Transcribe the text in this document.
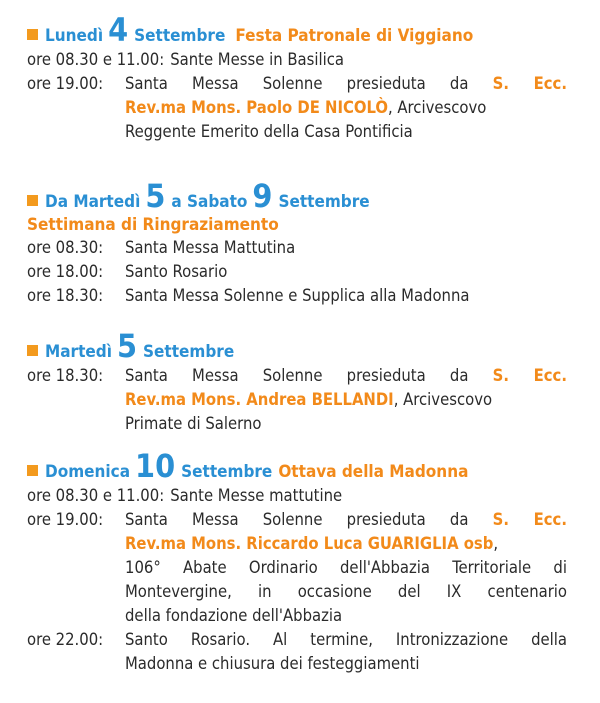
Lunedì 4 Settembre Festa Patronale di Viggiano
ore 08.30 e 11.00: Sante Messe in Basilica
ore 19.00:	Santa Messa Solenne presieduta da S. Ecc.
Rev.ma Mons. Paolo DE NICOLÒ, Arcivescovo
Reggente Emerito della Casa Pontificia
Da Martedì 5 a Sabato 9 Settembre
Settimana di Ringraziamento
ore 08.30:	Santa Messa Mattutina
ore 18.00:	Santo Rosario
ore 18.30:	Santa Messa Solenne e Supplica alla Madonna
Martedì 5 Settembre
ore 18.30:	Santa Messa Solenne presieduta da S. Ecc.
Rev.ma Mons. Andrea BELLANDI, Arcivescovo
Primate di Salerno
Domenica 10 Settembre Ottava della Madonna
ore 08.30 e 11.00: Sante Messe mattutine
ore 19.00:	Santa Messa Solenne presieduta da S. Ecc.
Rev.ma Mons. Riccardo Luca GUARIGLIA osb,
106° Abate Ordinario dell'Abbazia Territoriale di
Montevergine, in occasione del IX centenario
della fondazione dell'Abbazia
ore 22.00:	Santo Rosario. Al termine, Intronizzazione della
Madonna e chiusura dei festeggiamenti
